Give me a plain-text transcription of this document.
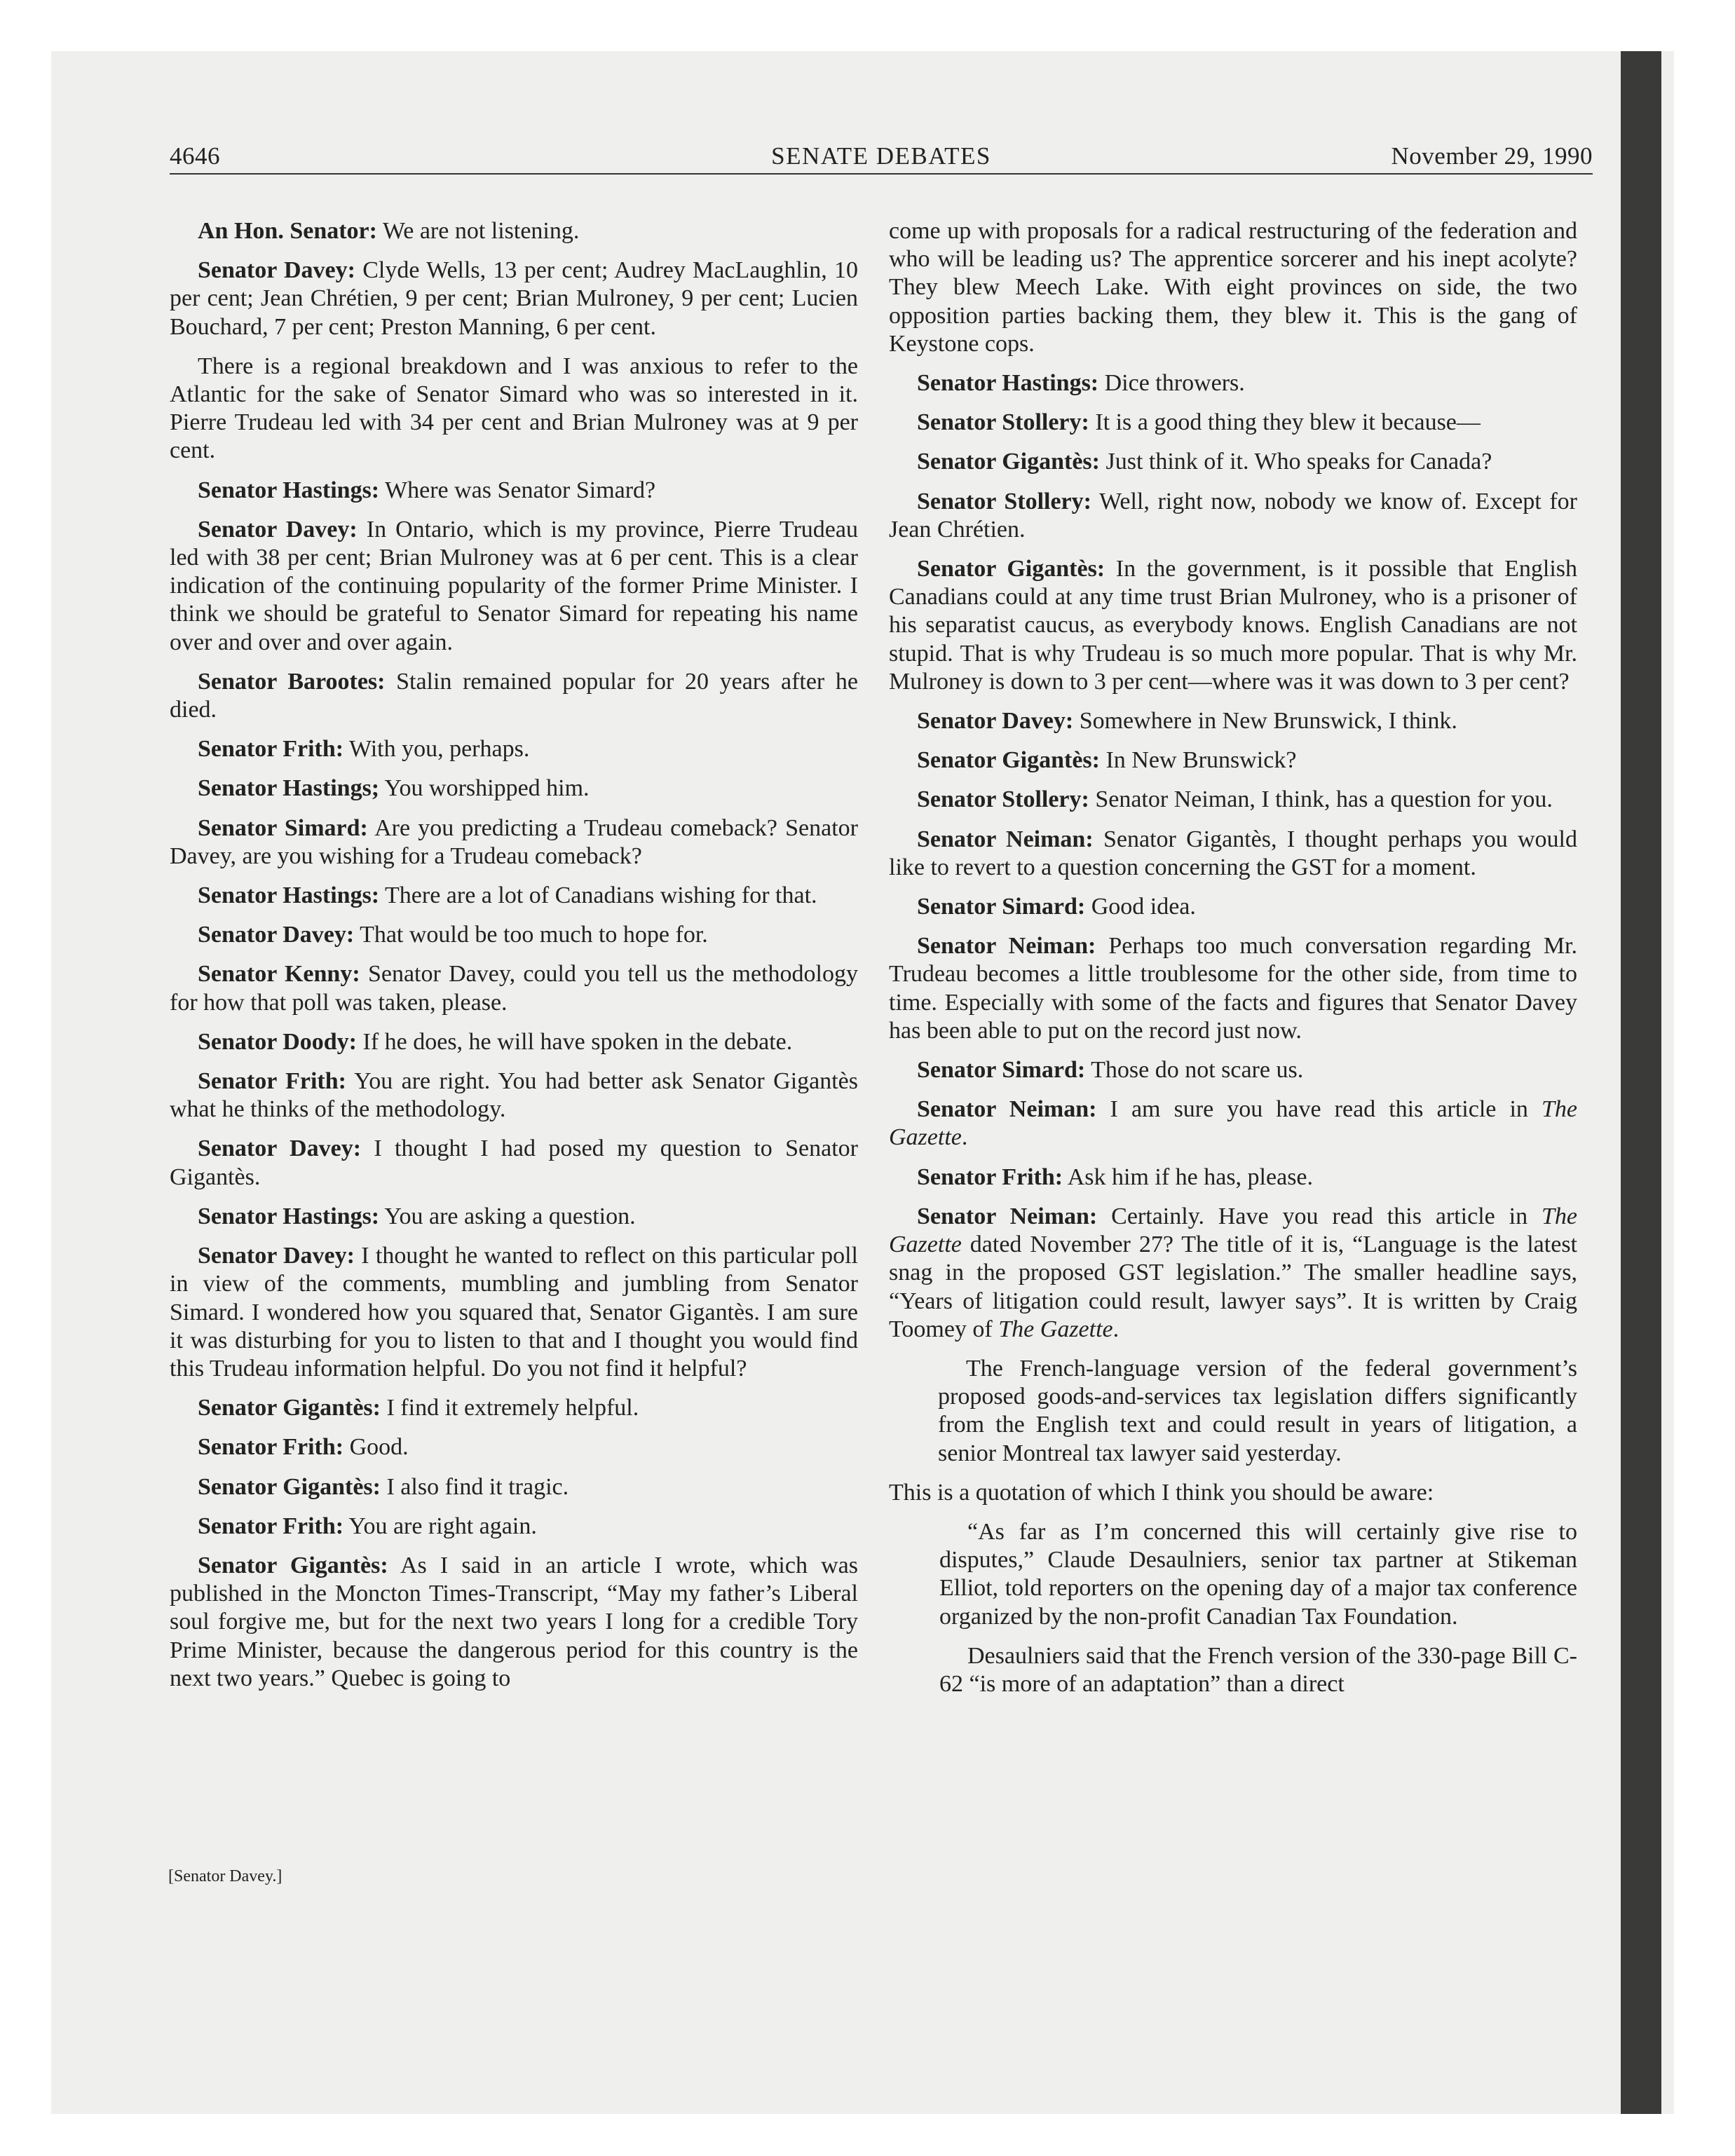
4646	SENATE DEBATES	November 29, 1990

An Hon. Senator: We are not listening.

Senator Davey: Clyde Wells, 13 per cent; Audrey MacLaughlin, 10 per cent; Jean Chrétien, 9 per cent; Brian Mulroney, 9 per cent; Lucien Bouchard, 7 per cent; Preston Manning, 6 per cent.

There is a regional breakdown and I was anxious to refer to the Atlantic for the sake of Senator Simard who was so interested in it. Pierre Trudeau led with 34 per cent and Brian Mulroney was at 9 per cent.

Senator Hastings: Where was Senator Simard?

Senator Davey: In Ontario, which is my province, Pierre Trudeau led with 38 per cent; Brian Mulroney was at 6 per cent. This is a clear indication of the continuing popularity of the former Prime Minister. I think we should be grateful to Senator Simard for repeating his name over and over and over again.

Senator Barootes: Stalin remained popular for 20 years after he died.

Senator Frith: With you, perhaps.

Senator Hastings; You worshipped him.

Senator Simard: Are you predicting a Trudeau comeback? Senator Davey, are you wishing for a Trudeau comeback?

Senator Hastings: There are a lot of Canadians wishing for that.

Senator Davey: That would be too much to hope for.

Senator Kenny: Senator Davey, could you tell us the methodology for how that poll was taken, please.

Senator Doody: If he does, he will have spoken in the debate.

Senator Frith: You are right. You had better ask Senator Gigantès what he thinks of the methodology.

Senator Davey: I thought I had posed my question to Senator Gigantès.

Senator Hastings: You are asking a question.

Senator Davey: I thought he wanted to reflect on this particular poll in view of the comments, mumbling and jumbling from Senator Simard. I wondered how you squared that, Senator Gigantès. I am sure it was disturbing for you to listen to that and I thought you would find this Trudeau information helpful. Do you not find it helpful?

Senator Gigantès: I find it extremely helpful.

Senator Frith: Good.

Senator Gigantès: I also find it tragic.

Senator Frith: You are right again.

Senator Gigantès: As I said in an article I wrote, which was published in the Moncton Times-Transcript, “May my father’s Liberal soul forgive me, but for the next two years I long for a credible Tory Prime Minister, because the dangerous period for this country is the next two years.” Quebec is going to

[Senator Davey.]

come up with proposals for a radical restructuring of the federation and who will be leading us? The apprentice sorcerer and his inept acolyte? They blew Meech Lake. With eight provinces on side, the two opposition parties backing them, they blew it. This is the gang of Keystone cops.

Senator Hastings: Dice throwers.

Senator Stollery: It is a good thing they blew it because—

Senator Gigantès: Just think of it. Who speaks for Canada?

Senator Stollery: Well, right now, nobody we know of. Except for Jean Chrétien.

Senator Gigantès: In the government, is it possible that English Canadians could at any time trust Brian Mulroney, who is a prisoner of his separatist caucus, as everybody knows. English Canadians are not stupid. That is why Trudeau is so much more popular. That is why Mr. Mulroney is down to 3 per cent—where was it was down to 3 per cent?

Senator Davey: Somewhere in New Brunswick, I think.

Senator Gigantès: In New Brunswick?

Senator Stollery: Senator Neiman, I think, has a question for you.

Senator Neiman: Senator Gigantès, I thought perhaps you would like to revert to a question concerning the GST for a moment.

Senator Simard: Good idea.

Senator Neiman: Perhaps too much conversation regarding Mr. Trudeau becomes a little troublesome for the other side, from time to time. Especially with some of the facts and figures that Senator Davey has been able to put on the record just now.

Senator Simard: Those do not scare us.

Senator Neiman: I am sure you have read this article in The Gazette.

Senator Frith: Ask him if he has, please.

Senator Neiman: Certainly. Have you read this article in The Gazette dated November 27? The title of it is, “Language is the latest snag in the proposed GST legislation.” The smaller headline says, “Years of litigation could result, lawyer says”. It is written by Craig Toomey of The Gazette.

The French-language version of the federal government’s proposed goods-and-services tax legislation differs significantly from the English text and could result in years of litigation, a senior Montreal tax lawyer said yesterday.

This is a quotation of which I think you should be aware:

“As far as I’m concerned this will certainly give rise to disputes,” Claude Desaulniers, senior tax partner at Stikeman Elliot, told reporters on the opening day of a major tax conference organized by the non-profit Canadian Tax Foundation.

Desaulniers said that the French version of the 330-page Bill C-62 “is more of an adaptation” than a direct
